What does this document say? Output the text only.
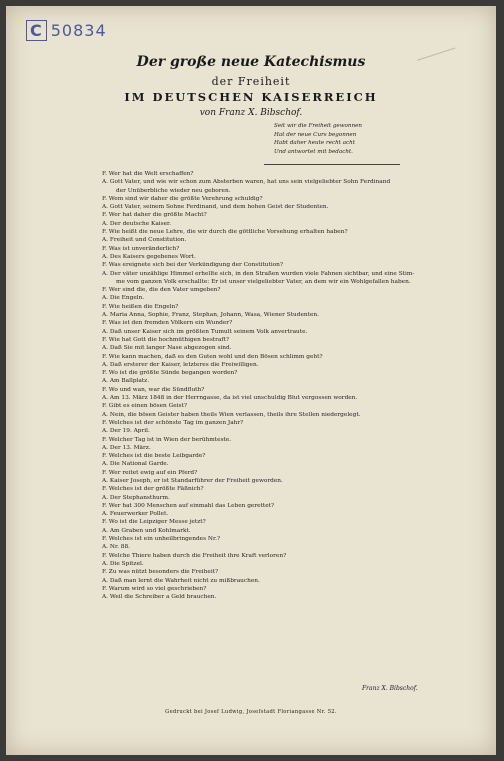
C 50834
Der große neue Katechismus
der Freiheit
IM DEUTSCHEN KAISERREICH
von Franz X. Bibschof.
Seit wir die Freiheit gewonnen
Hat der neue Curs begonnen
Habt daher heute recht acht
Und antwortet mit bedacht.
F. Wer hat die Welt erschaffen?
A. Gott Vater, und wie wir schon zum Absterben waren, hat uns sein vielgeliebter Sohn Ferdinand
der Unüberbliche wieder neu geboren.
F. Wem sind wir daher die größte Verehrung schuldig?
A. Gott Vater, seinem Sohne Ferdinand, und dem hohen Geist der Studenten.
F. Wer hat daher die größte Macht?
A. Der deutsche Kaiser.
F. Wie heißt die neue Lehre, die wir durch die göttliche Vorsehung erhalten haben?
A. Freiheit und Constitution.
F. Was ist unveränderlich?
A. Des Kaisers gegebenes Wort.
F. Was ereignete sich bei der Verkündigung der Constitution?
A. Der väter unzählige Himmel erhellte sich, in den Straßen wurden viele Fahnen sichtbar, und eine Stim-
me vom ganzen Volk erschallte: Er ist unser vielgeliebter Vater, an dem wir ein Wohlgefallen haben.
F. Wer sind die, die den Vater umgeben?
A. Die Engeln.
F. Wie heißen die Engeln?
A. Maria Anna, Sophie, Franz, Stephan, Johann, Wasa, Wiener Studenten.
F. Was ist den fremden Völkern ein Wunder?
A. Daß unser Kaiser sich im größten Tumult seinem Volk anvertraute.
F. Wie hat Gott die hochmüthigen bestraft?
A. Daß Sie mit langer Nase abgezogen sind.
F. Wie kann machen, daß es den Guten wohl und den Bösen schlimm geht?
A. Daß ersterer der Kaiser, letzteres die Freiwilligen.
F. Wo ist die größte Sünde begangen worden?
A. Am Ballplatz.
F. Wo und wan, war die Sündfluth?
A. Am 13. März 1848 in der Herrngasse, da ist viel unschuldig Blut vergossen worden.
F. Gibt es einen bösen Geist?
A. Nein, die bösen Geister haben theils Wien verlassen, theils ihre Stellen niedergelegt.
F. Welches ist der schönste Tag im ganzen Jahr?
A. Der 19. April.
F. Welcher Tag ist in Wien der berühmteste.
A. Der 13. März.
F. Welches ist die beste Leibgarde?
A. Die National Garde.
F. Wer reitet ewig auf ein Pferd?
A. Kaiser Joseph, er ist Standarführer der Freiheit geworden.
F. Welches ist der größte Fäßnich?
A. Der Stephansthurm.
F. Wer hat 300 Menschen auf einmahl das Leben gerettet?
A. Feuerwerker Pollet.
F. Wo ist die Leipziger Messe jetzt?
A. Am Graben und Kohlmarkt.
F. Welches ist ein unheilbringendes Nr.?
A. Nr. 88.
F. Welche Thiere haben durch die Freiheit ihre Kraft verloren?
A. Die Spitzel.
F. Zu was nützt besonders die Freiheit?
A. Daß man lernt die Wahrheit nicht zu mißbrauchen.
F. Warum wird so viel geschrieben?
A. Weil die Schreiber a Geld brauchen.
Franz X. Bibschof.
Gedruckt bei Josef Ludwig, Josefstadt Floriangasse Nr. 52.
